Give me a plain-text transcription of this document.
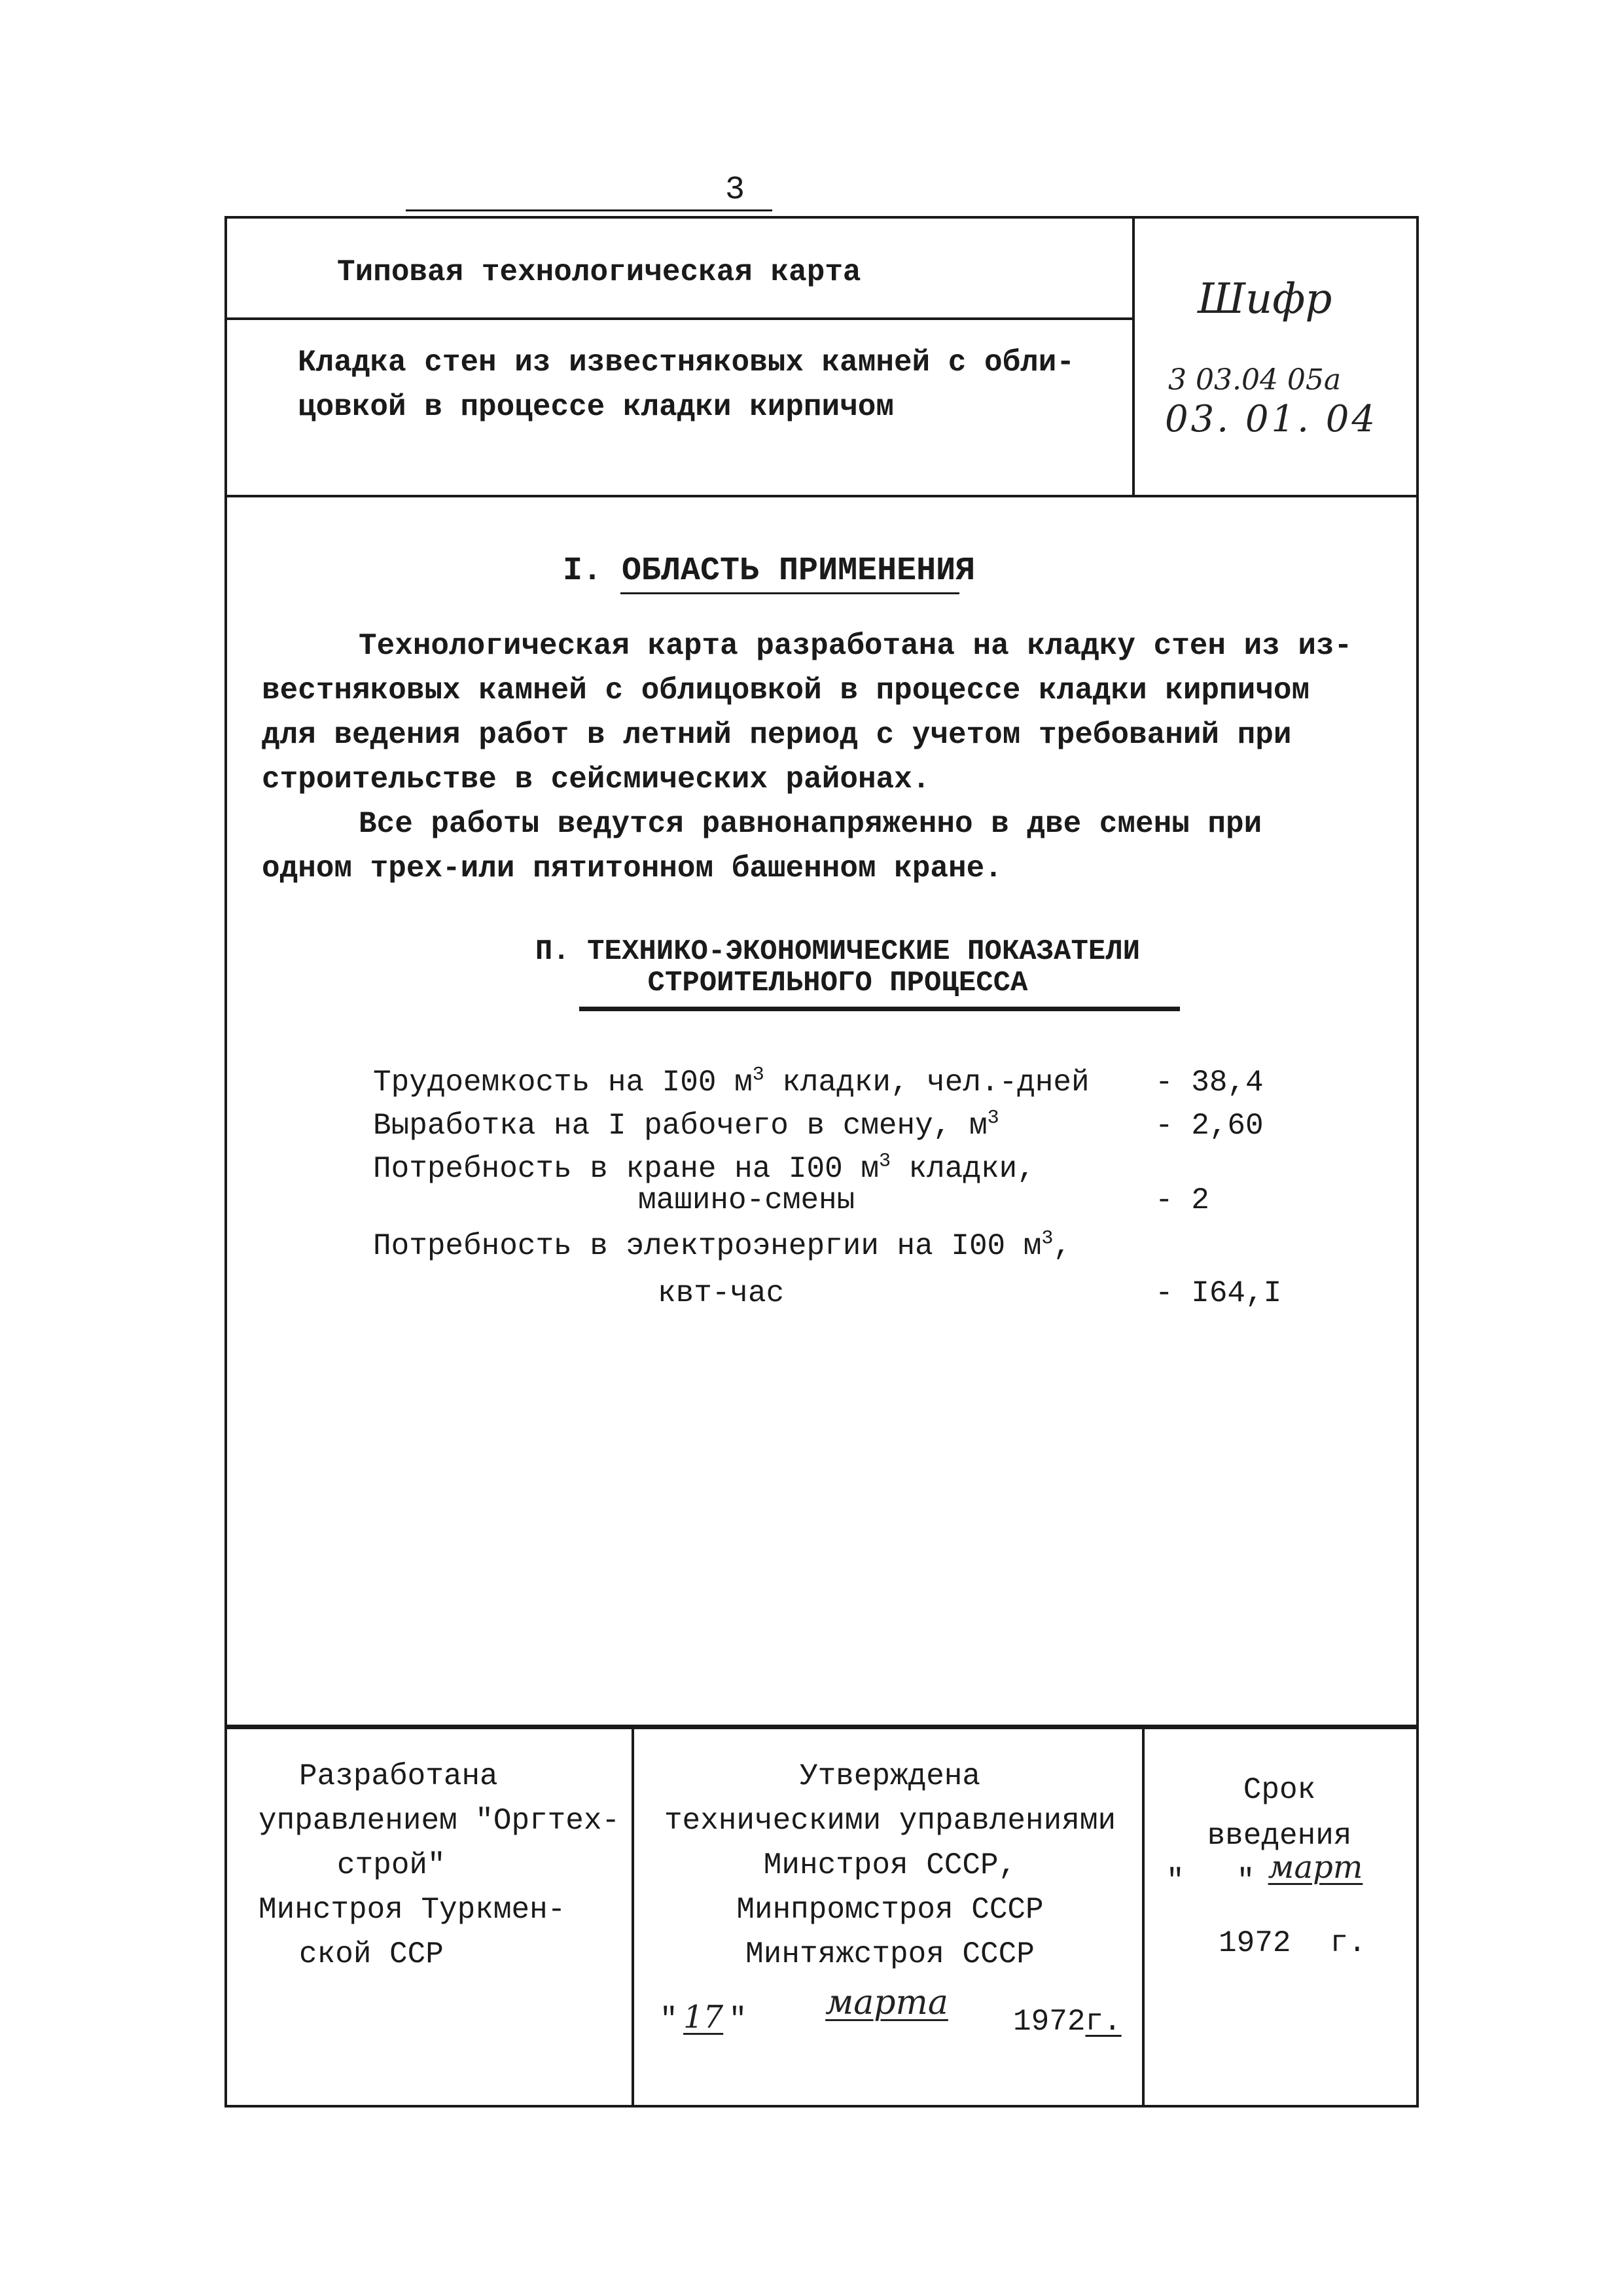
3
Типовая технологическая карта
Кладка стен из известняковых камней с обли-
цовкой в процессе кладки кирпичом
Шифр
3 03.04 05а
03. 01. 04
I. ОБЛАСТЬ ПРИМЕНЕНИЯ

Технологическая карта разработана на кладку стен из из-

вестняковых камней с облицовкой в процессе кладки кирпичом

для ведения работ в летний период с учетом требований при

строительстве в сейсмических районах.

Все работы ведутся равнонапряженно в две смены при

одном трех-или пятитонном башенном кране.

П. ТЕХНИКО-ЭКОНОМИЧЕСКИЕ ПОКАЗАТЕЛИ
СТРОИТЕЛЬНОГО ПРОЦЕССА
Трудоемкость на I00 $м^3$ кладки, чел.-дней - 38,4
Выработка на I рабочего в смену, $м^3$	- 2,60
Потребность в кране на I00 $м^3$ кладки,
машино-смены	- 2
Потребность в электроэнергии на I00 $м^3$,
квт-час	- I64,I
Разработана
управлением "Оргтех-
строй"
Минстроя Туркмен-
ской ССР
Утверждена
техническими управлениями
Минстроя СССР,
Минпромстроя СССР
Минтяжстроя СССР
" 17 "	марта	1972г.
Срок
введения
" " март
1972 г.
